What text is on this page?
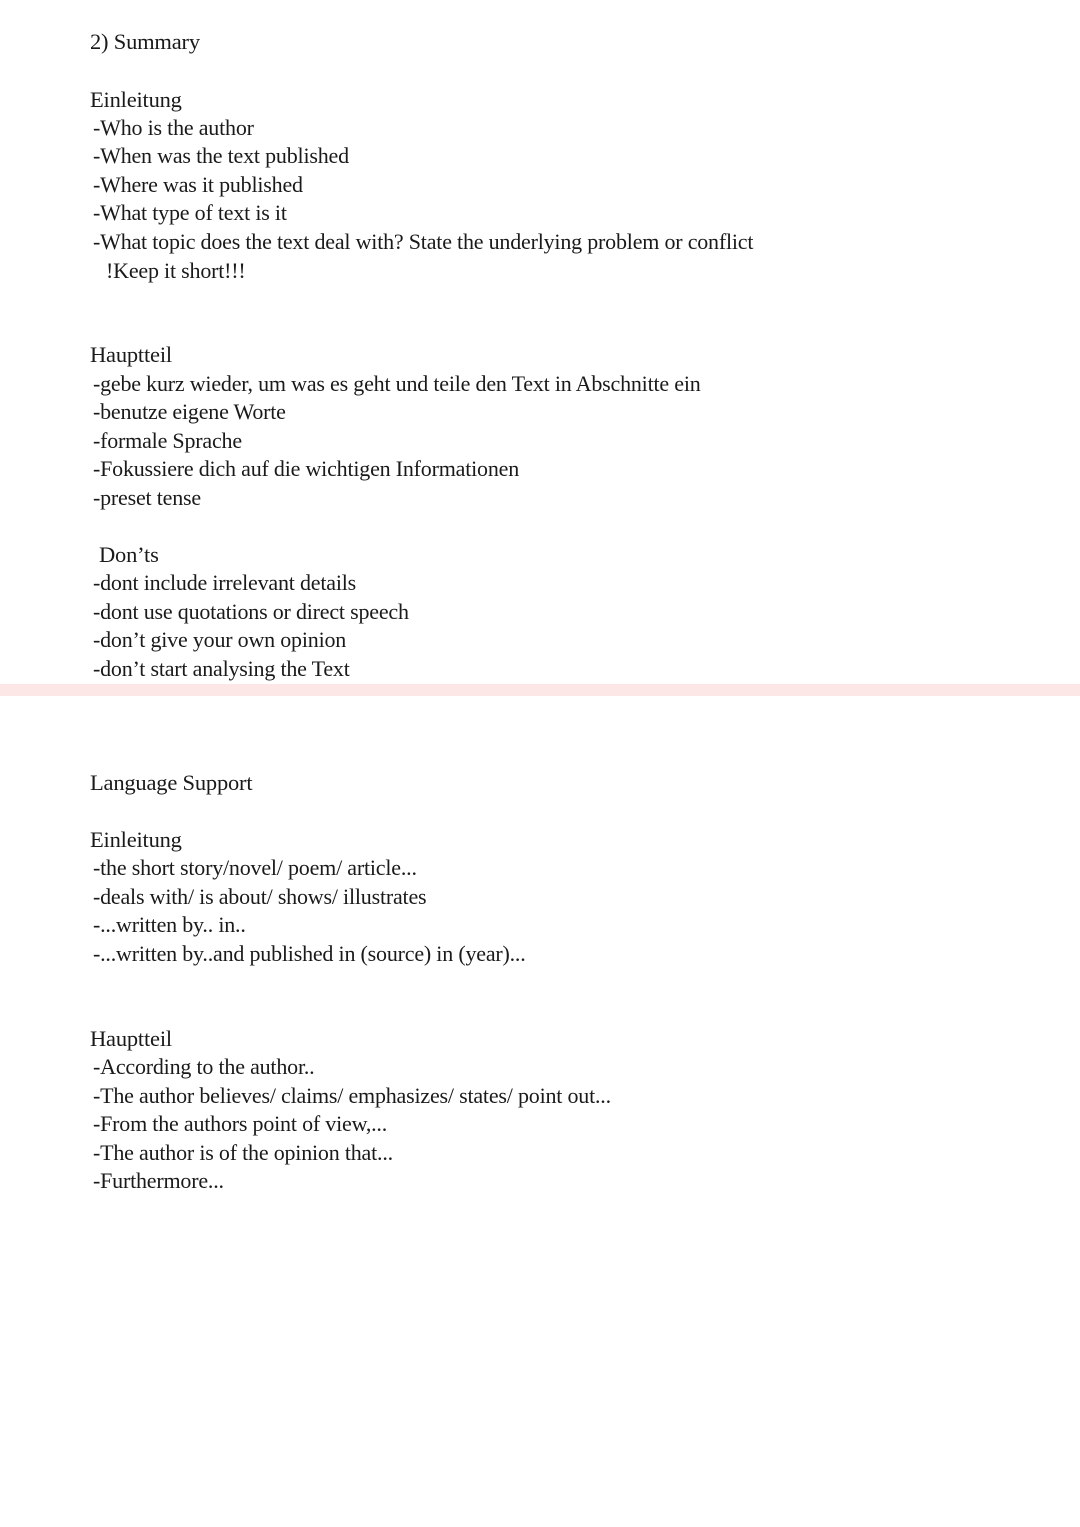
2) Summary
Einleitung
-Who is the author
-When was the text published
-Where was it published
-What type of text is it
-What topic does the text deal with? State the underlying problem or conflict
!Keep it short!!!
Hauptteil
-gebe kurz wieder, um was es geht und teile den Text in Abschnitte ein
-benutze eigene Worte
-formale Sprache
-Fokussiere dich auf die wichtigen Informationen
-preset tense
Don’ts
-dont include irrelevant details
-dont use quotations or direct speech
-don’t give your own opinion
-don’t start analysing the Text
Language Support
Einleitung
-the short story/novel/ poem/ article...
-deals with/ is about/ shows/ illustrates
-...written by.. in..
-...written by..and published in (source) in (year)...
Hauptteil
-According to the author..
-The author believes/ claims/ emphasizes/ states/ point out...
-From the authors point of view,...
-The author is of the opinion that...
-Furthermore...
